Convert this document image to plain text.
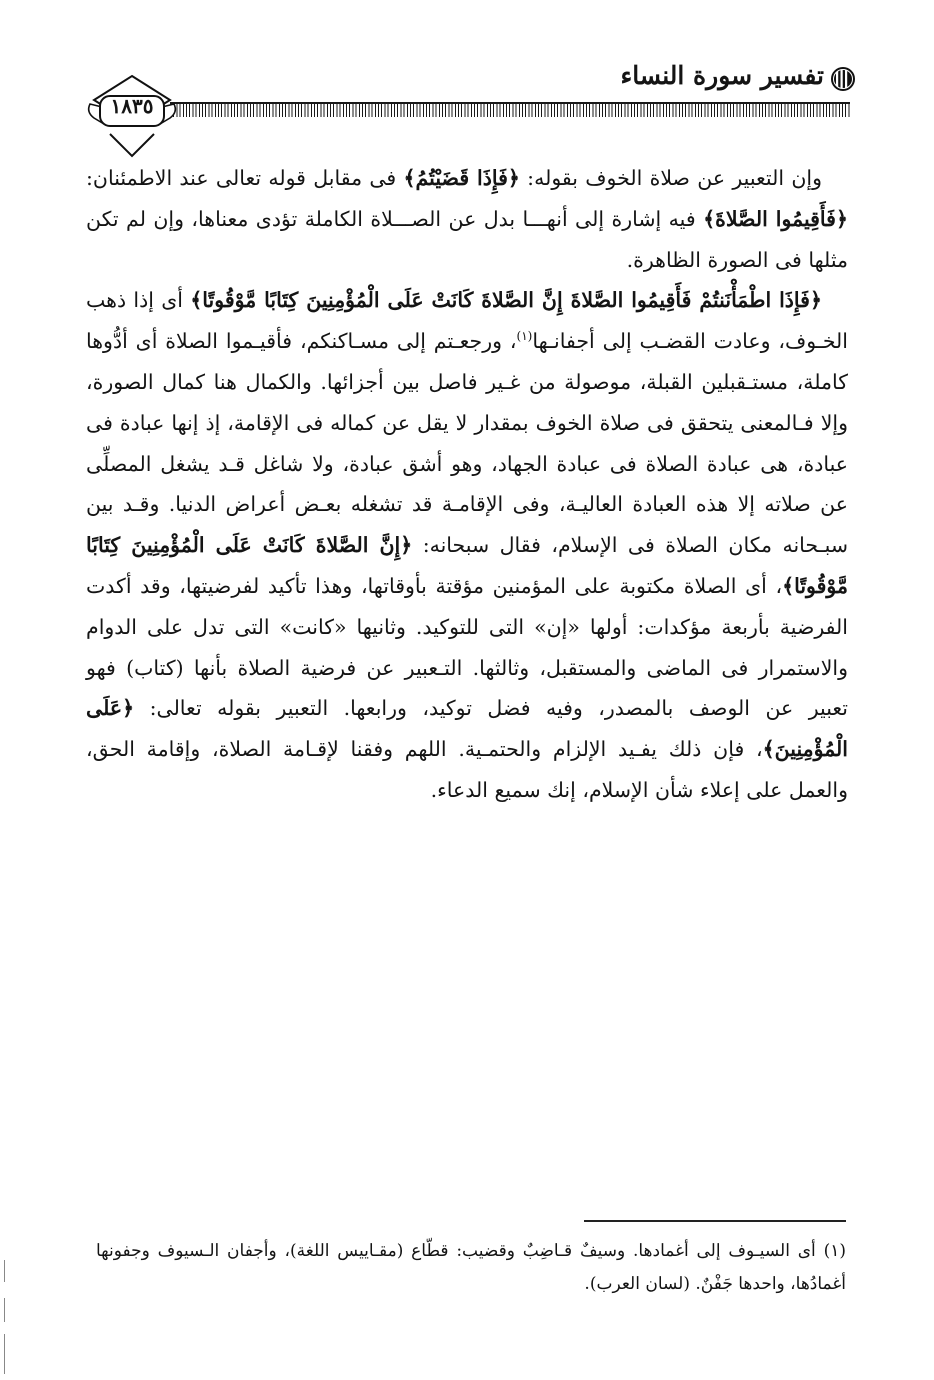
تفسير سورة النساء
١٨٣٥

وإن التعبير عن صلاة الخوف بقوله: ﴿فَإِذَا قَضَيْتُمُ﴾ فى مقابل قوله تعالى عند الاطمئنان: ﴿فَأَقِيمُوا الصَّلاةَ﴾ فيه إشارة إلى أنهـــا بدل عن الصـــلاة الكاملة تؤدى معناها، وإن لم تكن مثلها فى الصورة الظاهرة.

﴿فَإِذَا اطْمَأْنَنتُمْ فَأَقِيمُوا الصَّلاةَ إِنَّ الصَّلاةَ كَانَتْ عَلَى الْمُؤْمِنِينَ كِتَابًا مَّوْقُوتًا﴾ أى إذا ذهب الخـوف، وعادت القضـب إلى أجفانـها$^{(١)}$، ورجعـتم إلى مسـاكنكم، فأقيـموا الصلاة أى أدُّوها كاملة، مستـقبلين القبلة، موصولة من غـير فاصل بين أجزائها. والكمال هنا كمال الصورة، وإلا فـالمعنى يتحقق فى صلاة الخوف بمقدار لا يقل عن كماله فى الإقامة، إذ إنها عبادة فى عبادة، هى عبادة الصلاة فى عبادة الجهاد، وهو أشق عبادة، ولا شاغل قـد يشغل المصلِّى عن صلاته إلا هذه العبادة العاليـة، وفى الإقامـة قد تشغله بعـض أعراض الدنيا. وقـد بين سبـحانه مكان الصلاة فى الإسلام، فقال سبحانه: ﴿إِنَّ الصَّلاةَ كَانَتْ عَلَى الْمُؤْمِنِينَ كِتَابًا مَّوْقُوتًا﴾، أى الصلاة مكتوبة على المؤمنين مؤقتة بأوقاتها، وهذا تأكيد لفرضيتها، وقد أكدت الفرضية بأربعة مؤكدات: أولها «إن» التى للتوكيد. وثانيها «كانت» التى تدل على الدوام والاستمرار فى الماضى والمستقبل، وثالثها. التـعبير عن فرضية الصلاة بأنها (كتاب) فهو تعبير عن الوصف بالمصدر، وفيه فضل توكيد، ورابعها. التعبير بقوله تعالى: ﴿عَلَى الْمُؤْمِنِينَ﴾، فإن ذلك يفـيد الإلزام والحتمـية. اللهم وفقنا لإقـامة الصلاة، وإقامة الحق، والعمل على إعلاء شأن الإسلام، إنك سميع الدعاء.

(١) أى السيـوف إلى أغمادها. وسيفٌ قـاضِبٌ وقضيب: قطّاع (مقـاييس اللغة)، وأجفان الـسيوف وجفونها أغمادُها، واحدها جَفْنٌ. (لسان العرب).
